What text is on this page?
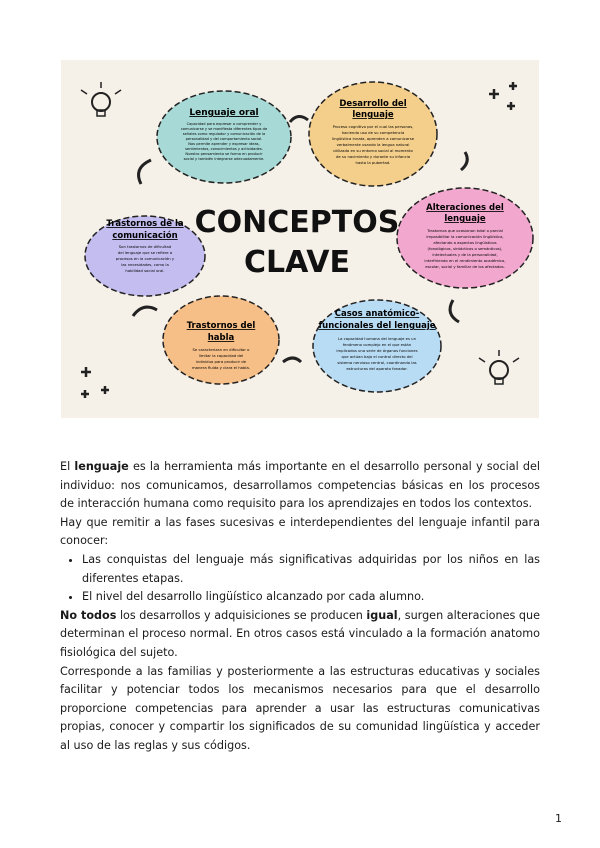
Lenguaje oral
Capacidad para expresar o comprender y
comunicarse y se manifiesta diferentes tipos de
señales como regulador y comunicación de la
personalidad y del comportamiento social.
Nos permite aprender y expresar ideas,
sentimientos, conocimientos y actividades.
Nuestro pensamiento se forma en producir
social y también integrarse adecuadamente.
Desarrollo del
lenguaje
Proceso cognitivo por el cual las personas,
haciendo uso de su competencia
lingüística innata, aprenden a comunicarse
verbalmente usando la lengua natural
utilizada en su entorno social al momento
de su nacimiento y durante su infancia
hasta la pubertad.
Alteraciones del
lenguaje
Trastornos que ocasionan total o parcial
imposibilitar la comunicación lingüística,
afectando a aspectos lingüísticos
(fonológicos, sintácticos o semánticos),
intelectuales y de la personalidad,
interfiriendo en el rendimiento académico,
escolar, social y familiar de los afectados.
Trastornos de la
comunicación
Son trastornos de dificultad
del lenguaje que se refiere a
procesos en la comunicación y
las necesidades, como la
habilidad social oral.
Trastornos del
habla
Se caracterizan en dificultar o
limitar la capacidad del
individuo para producir de
manera fluida y clara el habla.
Casos anatómico-
funcionales del lenguaje
La capacidad humana del lenguaje es un
fenómeno complejo en el que están
implicados una serie de órganos funciones
que actúan bajo el control directo del
sistema nervioso central, coordinando las
estructuras del aparato fonador.
CONCEPTOS
CLAVE

El lenguaje es la herramienta más importante en el desarrollo personal y social del individuo: nos comunicamos, desarrollamos competencias básicas en los procesos de interacción humana como requisito para los aprendizajes en todos los contextos.

Hay que remitir a las fases sucesivas e interdependientes del lenguaje infantil para conocer:

• Las conquistas del lenguaje más significativas adquiridas por los niños en las diferentes etapas.
• El nivel del desarrollo lingüístico alcanzado por cada alumno.

No todos los desarrollos y adquisiciones se producen igual, surgen alteraciones que determinan el proceso normal. En otros casos está vinculado a la formación anatomo fisiológica del sujeto.

Corresponde a las familias y posteriormente a las estructuras educativas y sociales facilitar y potenciar todos los mecanismos necesarios para que el desarrollo proporcione competencias para aprender a usar las estructuras comunicativas propias, conocer y compartir los significados de su comunidad lingüística y acceder al uso de las reglas y sus códigos.

1
